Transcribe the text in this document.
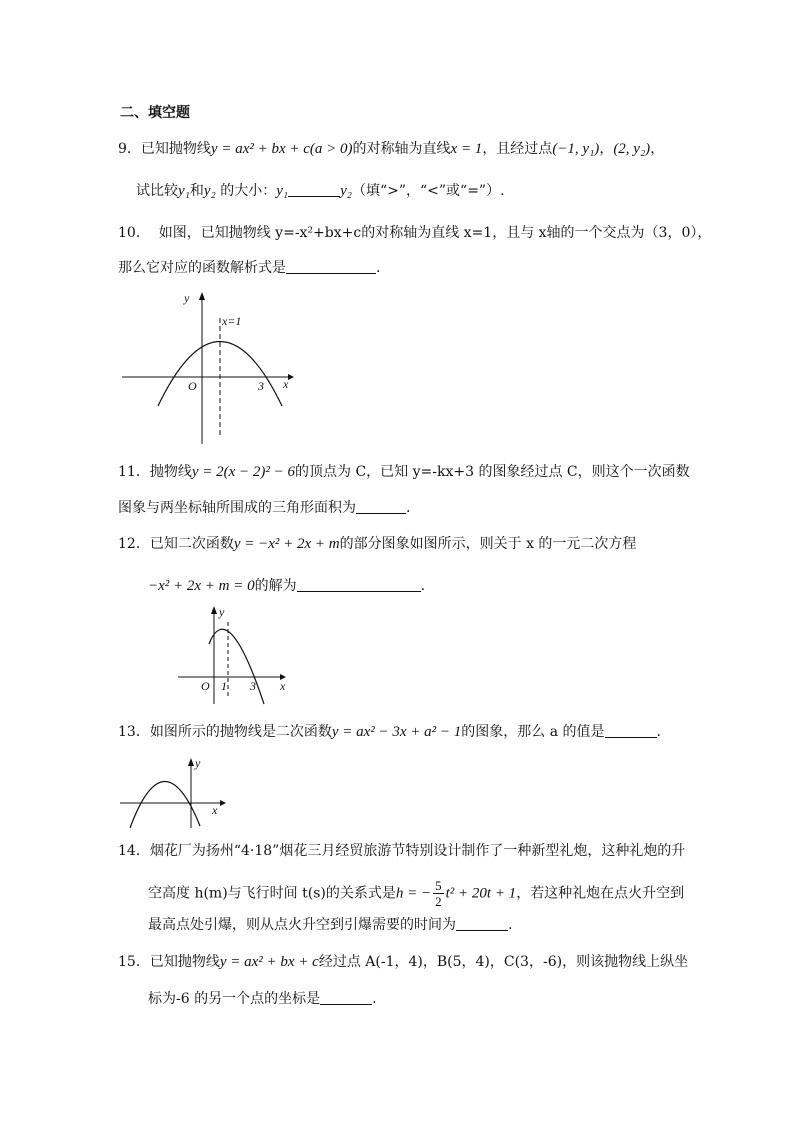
二、填空题
9．已知抛物线y = ax² + bx + c(a > 0)的对称轴为直线x = 1，且经过点(−1, y₁)，(2, y₂)，
试比较y₁和y₂ 的大小：y₁	y₂（填“>”，“<”或“=”）.
10． 如图，已知抛物线 y=-x²+bx+c的对称轴为直线 x=1，且与 x轴的一个交点为（3，0），
那么它对应的函数解析式是	.
y
x=1
O	3 x
11．抛物线y = 2(x − 2)² − 6的顶点为 C，已知 y=-kx+3 的图象经过点 C，则这个一次函数
图象与两坐标轴所围成的三角形面积为	.
12．已知二次函数y = −x² + 2x + m的部分图象如图所示，则关于 x 的一元二次方程
−x² + 2x + m = 0的解为	.
y
O 1 3 x
13．如图所示的抛物线是二次函数y = ax² − 3x + a² − 1的图象，那么 a 的值是	.
y
x
14．烟花厂为扬州“4·18”烟花三月经贸旅游节特别设计制作了一种新型礼炮，这种礼炮的升
空高度 h(m)与飞行时间 t(s)的关系式是h = − $\frac{5}{2} t^2 + 20t + 1$，若这种礼炮在点火升空到
最高点处引爆，则从点火升空到引爆需要的时间为	.
15．已知抛物线y = ax² + bx + c经过点 A(-1，4)，B(5，4)，C(3，-6)，则该抛物线上纵坐
标为-6 的另一个点的坐标是	.
